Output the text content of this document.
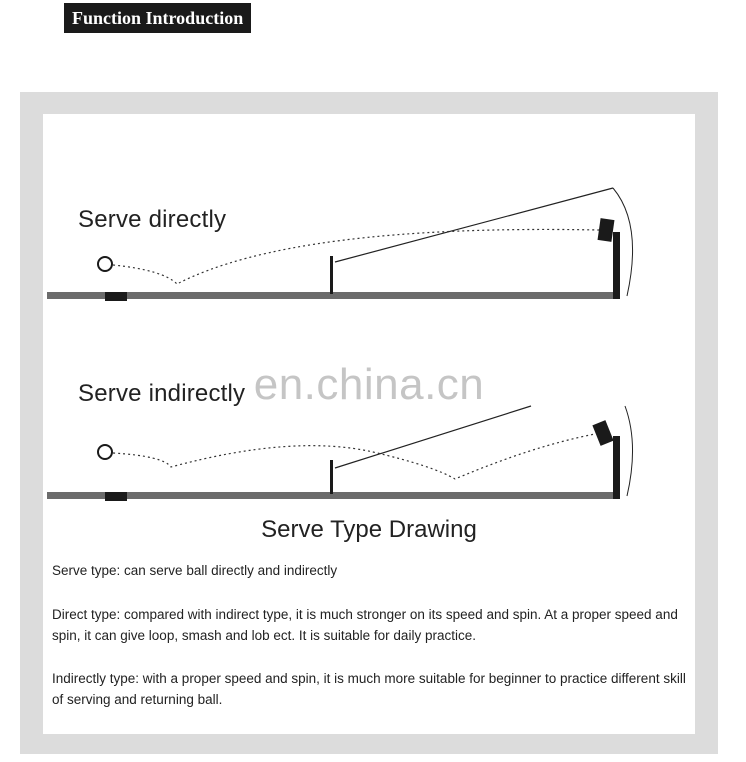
Function Introduction
Serve directly
Serve indirectly en.china.cn
Serve Type Drawing
Serve type: can serve ball directly and indirectly
Direct type: compared with indirect type, it is much stronger on its speed and spin. At a proper speed and spin, it can give loop, smash and lob ect. It is suitable for daily practice.
Indirectly type: with a proper speed and spin, it is much more suitable for beginner to practice different skill of serving and returning ball.
